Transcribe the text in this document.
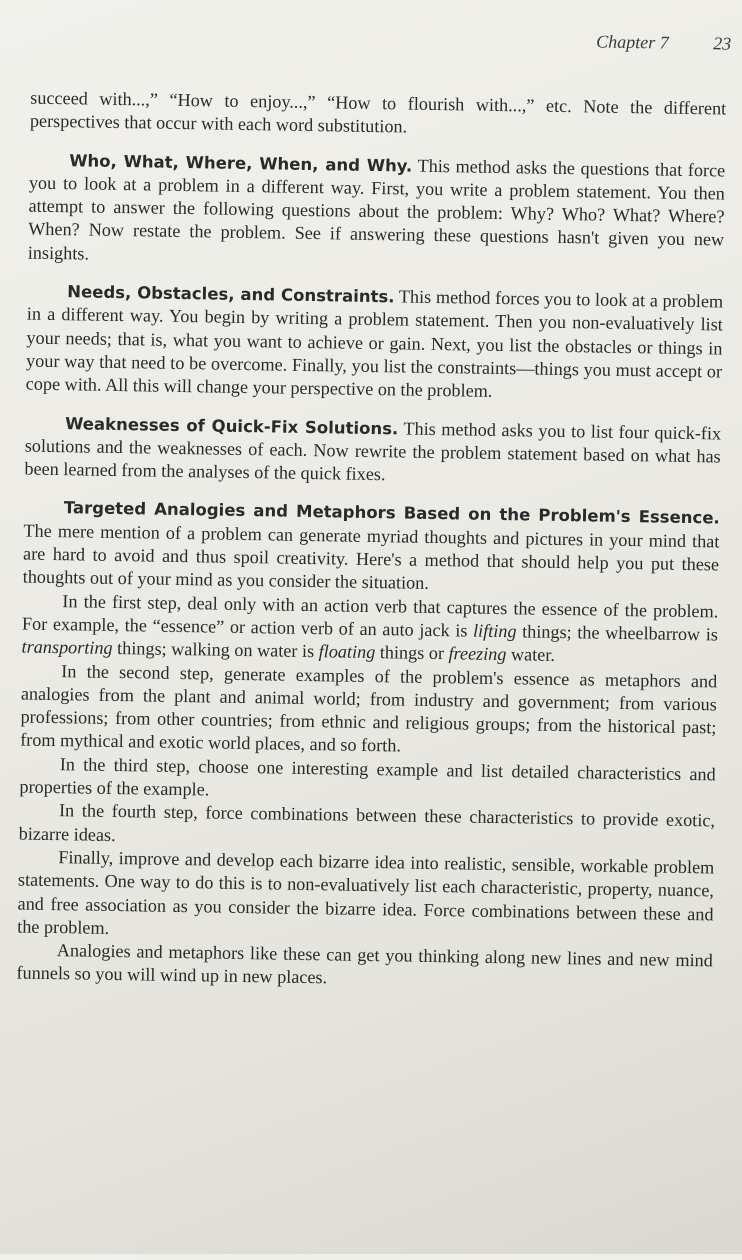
Chapter 7 23

succeed with...,” “How to enjoy...,” “How to flourish with...,” etc. Note the different perspectives that occur with each word substitution.

Who, What, Where, When, and Why. This method asks the questions that force you to look at a problem in a different way. First, you write a problem statement. You then attempt to answer the following questions about the problem: Why? Who? What? Where? When? Now restate the problem. See if answering these questions hasn't given you new insights.

Needs, Obstacles, and Constraints. This method forces you to look at a problem in a different way. You begin by writing a problem statement. Then you non-evaluatively list your needs; that is, what you want to achieve or gain. Next, you list the obstacles or things in your way that need to be overcome. Finally, you list the constraints—things you must accept or cope with. All this will change your perspective on the problem.

Weaknesses of Quick-Fix Solutions. This method asks you to list four quick-fix solutions and the weaknesses of each. Now rewrite the problem statement based on what has been learned from the analyses of the quick fixes.

Targeted Analogies and Metaphors Based on the Problem's Essence. The mere mention of a problem can generate myriad thoughts and pictures in your mind that are hard to avoid and thus spoil creativity. Here's a method that should help you put these thoughts out of your mind as you consider the situation.

In the first step, deal only with an action verb that captures the essence of the problem. For example, the “essence” or action verb of an auto jack is lifting things; the wheelbarrow is transporting things; walking on water is floating things or freezing water.

In the second step, generate examples of the problem's essence as metaphors and analogies from the plant and animal world; from industry and government; from various professions; from other countries; from ethnic and religious groups; from the historical past; from mythical and exotic world places, and so forth.

In the third step, choose one interesting example and list detailed characteristics and properties of the example.

In the fourth step, force combinations between these characteristics to provide exotic, bizarre ideas.

Finally, improve and develop each bizarre idea into realistic, sensible, workable problem statements. One way to do this is to non-evaluatively list each characteristic, property, nuance, and free association as you consider the bizarre idea. Force combinations between these and the problem.

Analogies and metaphors like these can get you thinking along new lines and new mind funnels so you will wind up in new places.
